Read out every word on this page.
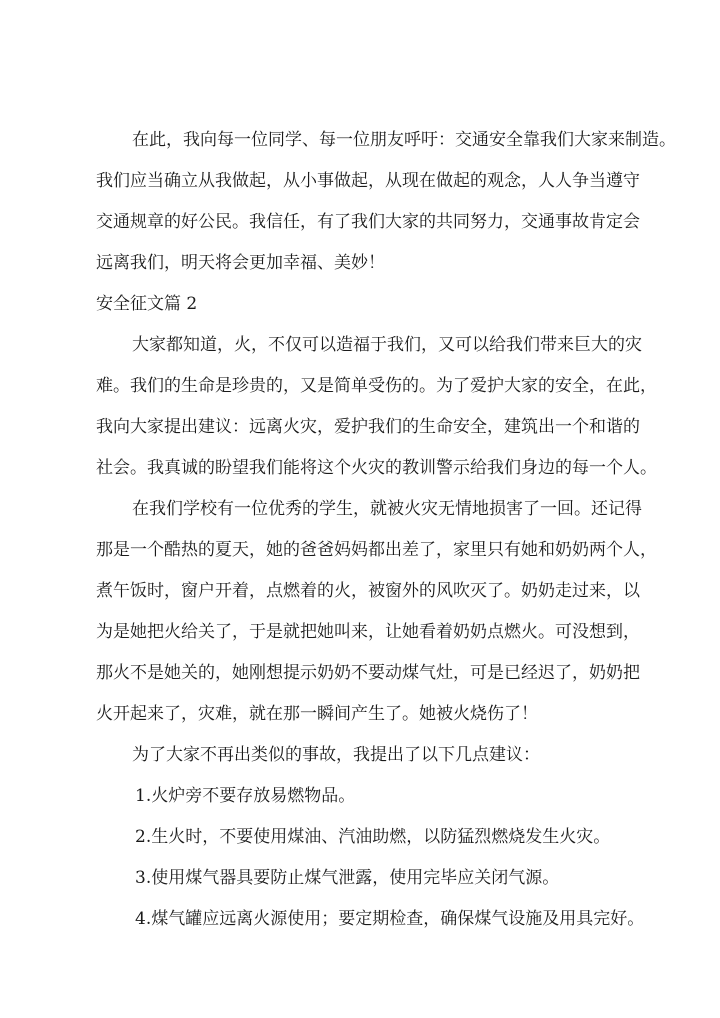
在此，我向每一位同学、每一位朋友呼吁：交通安全靠我们大家来制造。
我们应当确立从我做起，从小事做起，从现在做起的观念，人人争当遵守
交通规章的好公民。我信任，有了我们大家的共同努力，交通事故肯定会
远离我们，明天将会更加幸福、美妙！
安全征文篇 2
大家都知道，火，不仅可以造福于我们，又可以给我们带来巨大的灾
难。我们的生命是珍贵的，又是简单受伤的。为了爱护大家的安全，在此，
我向大家提出建议：远离火灾，爱护我们的生命安全，建筑出一个和谐的
社会。我真诚的盼望我们能将这个火灾的教训警示给我们身边的每一个人。
在我们学校有一位优秀的学生，就被火灾无情地损害了一回。还记得
那是一个酷热的夏天，她的爸爸妈妈都出差了，家里只有她和奶奶两个人，
煮午饭时，窗户开着，点燃着的火，被窗外的风吹灭了。奶奶走过来，以
为是她把火给关了，于是就把她叫来，让她看着奶奶点燃火。可没想到，
那火不是她关的，她刚想提示奶奶不要动煤气灶，可是已经迟了，奶奶把
火开起来了，灾难，就在那一瞬间产生了。她被火烧伤了！
为了大家不再出类似的事故，我提出了以下几点建议：
1.火炉旁不要存放易燃物品。
2.生火时，不要使用煤油、汽油助燃，以防猛烈燃烧发生火灾。
3.使用煤气器具要防止煤气泄露，使用完毕应关闭气源。
4.煤气罐应远离火源使用；要定期检查，确保煤气设施及用具完好。
